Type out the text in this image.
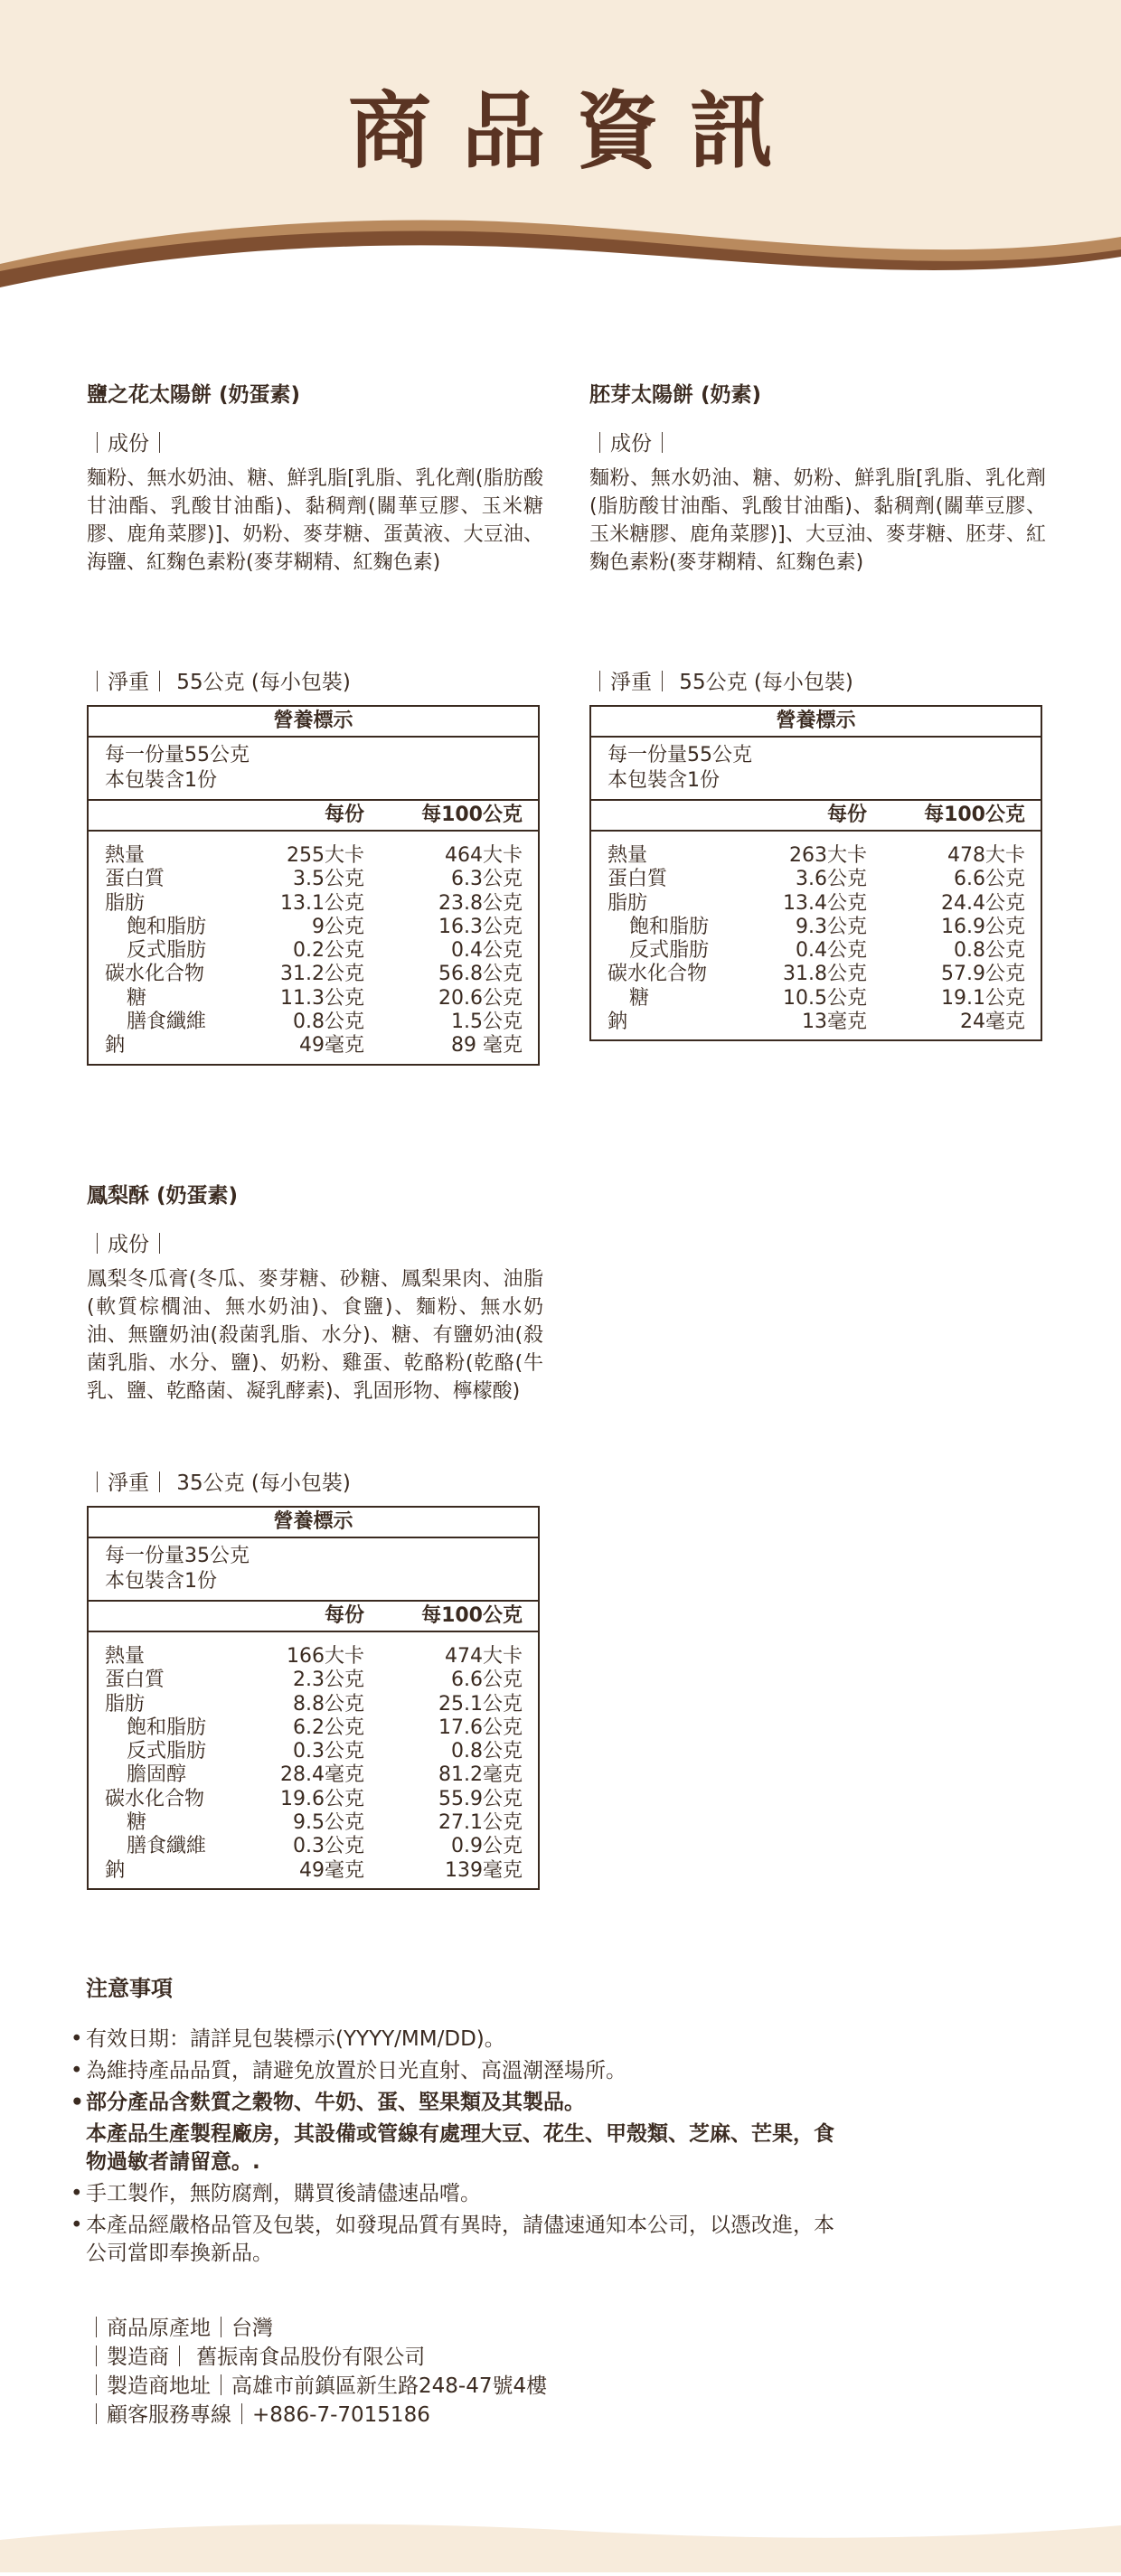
商品資訊
鹽之花太陽餅 (奶蛋素)
｜成份｜
麵粉、無水奶油、糖、鮮乳脂[乳脂、乳化劑(脂肪酸甘油酯、乳酸甘油酯)、黏稠劑(關華豆膠、玉米糖膠、鹿角菜膠)]、奶粉、麥芽糖、蛋黃液、大豆油、海鹽、紅麴色素粉(麥芽糊精、紅麴色素)
｜淨重｜ 55公克 (每小包裝)
營養標示
每一份量55公克
本包裝含1份
每份	每100公克
熱量	255大卡	464大卡
蛋白質	3.5公克	6.3公克
脂肪	13.1公克	23.8公克
飽和脂肪	9公克	16.3公克
反式脂肪	0.2公克	0.4公克
碳水化合物	31.2公克	56.8公克
糖	11.3公克	20.6公克
膳食纖維	0.8公克	1.5公克
鈉	49毫克	89 毫克
胚芽太陽餅 (奶素)
｜成份｜
麵粉、無水奶油、糖、奶粉、鮮乳脂[乳脂、乳化劑(脂肪酸甘油酯、乳酸甘油酯)、黏稠劑(關華豆膠、玉米糖膠、鹿角菜膠)]、大豆油、麥芽糖、胚芽、紅麴色素粉(麥芽糊精、紅麴色素)
｜淨重｜ 55公克 (每小包裝)
營養標示
每一份量55公克
本包裝含1份
每份	每100公克
熱量	263大卡	478大卡
蛋白質	3.6公克	6.6公克
脂肪	13.4公克	24.4公克
飽和脂肪	9.3公克	16.9公克
反式脂肪	0.4公克	0.8公克
碳水化合物	31.8公克	57.9公克
糖	10.5公克	19.1公克
鈉	13毫克	24毫克
鳳梨酥 (奶蛋素)
｜成份｜
鳳梨冬瓜膏(冬瓜、麥芽糖、砂糖、鳳梨果肉、油脂(軟質棕櫚油、無水奶油)、食鹽)、麵粉、無水奶油、無鹽奶油(殺菌乳脂、水分)、糖、有鹽奶油(殺菌乳脂、水分、鹽)、奶粉、雞蛋、乾酪粉(乾酪(牛乳、鹽、乾酪菌、凝乳酵素)、乳固形物、檸檬酸)
｜淨重｜ 35公克 (每小包裝)
營養標示
每一份量35公克
本包裝含1份
每份	每100公克
熱量	166大卡	474大卡
蛋白質	2.3公克	6.6公克
脂肪	8.8公克	25.1公克
飽和脂肪	6.2公克	17.6公克
反式脂肪	0.3公克	0.8公克
膽固醇	28.4毫克	81.2毫克
碳水化合物	19.6公克	55.9公克
糖	9.5公克	27.1公克
膳食纖維	0.3公克	0.9公克
鈉	49毫克	139毫克
注意事項
• 有效日期：請詳見包裝標示(YYYY/MM/DD)。
• 為維持產品品質，請避免放置於日光直射、高溫潮溼場所。
• 部分產品含麩質之穀物、牛奶、蛋、堅果類及其製品。
本產品生產製程廠房，其設備或管線有處理大豆、花生、甲殼類、芝麻、芒果，食物過敏者請留意。.
• 手工製作，無防腐劑，購買後請儘速品嚐。
• 本產品經嚴格品管及包裝，如發現品質有異時，請儘速通知本公司，以憑改進，本公司當即奉換新品。
｜商品原產地｜台灣
｜製造商｜ 舊振南食品股份有限公司
｜製造商地址｜高雄市前鎮區新生路248-47號4樓
｜顧客服務專線｜+886-7-7015186
